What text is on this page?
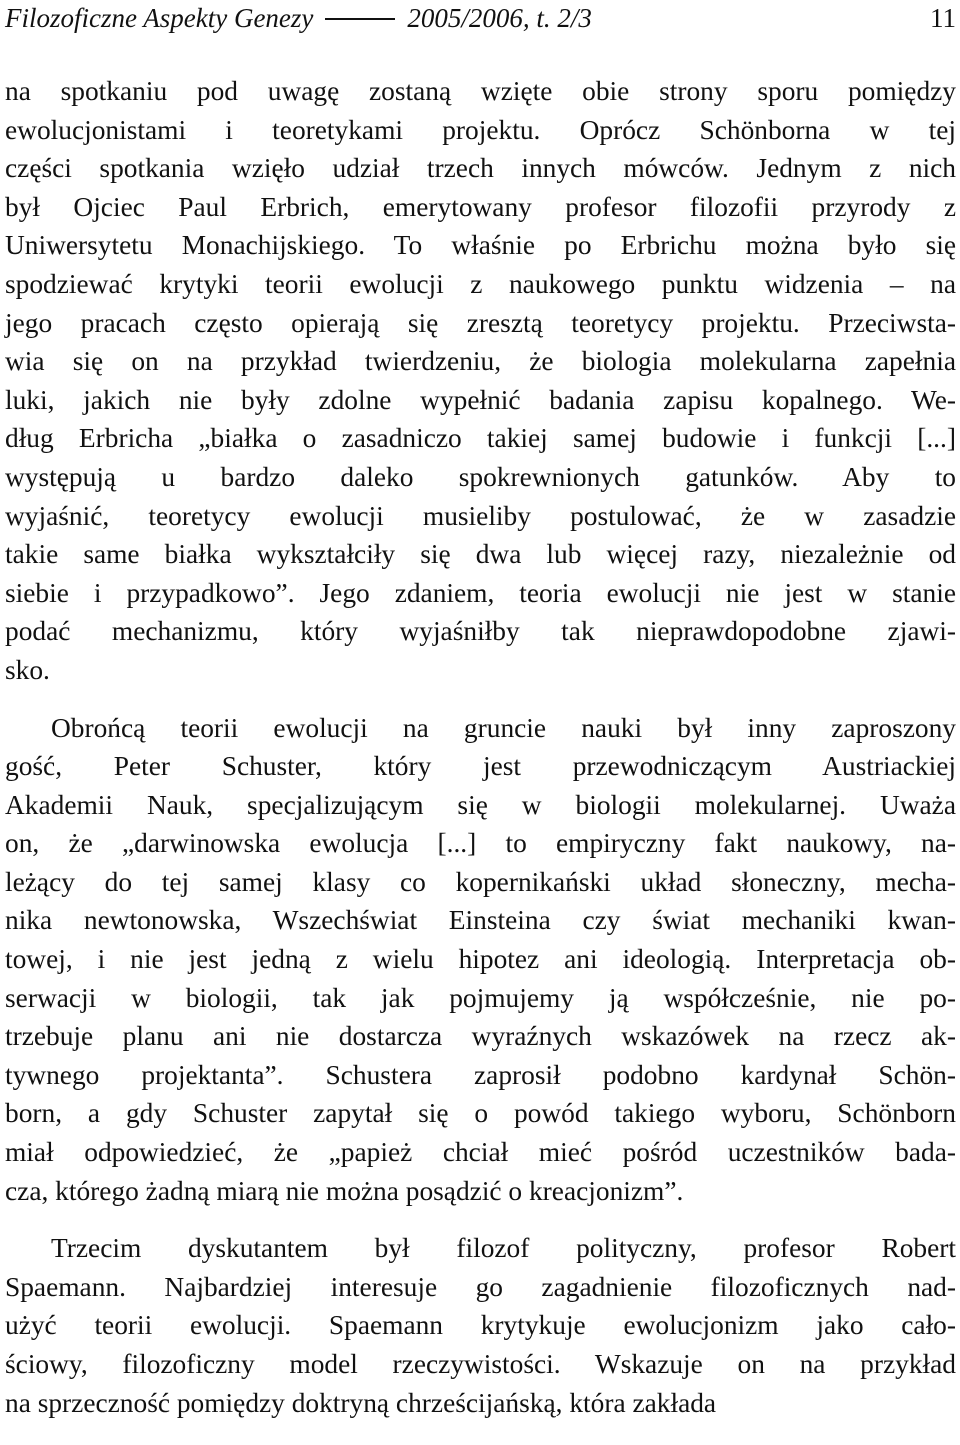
Filozoficzne Aspekty Genezy	2005/2006, t. 2/3	11

na spotkaniu pod uwagę zostaną wzięte obie strony sporu pomiędzy
ewolucjonistami i teoretykami projektu. Oprócz Schönborna w tej
części spotkania wzięło udział trzech innych mówców. Jednym z nich
był Ojciec Paul Erbrich, emerytowany profesor filozofii przyrody z
Uniwersytetu Monachijskiego. To właśnie po Erbrichu można było się
spodziewać krytyki teorii ewolucji z naukowego punktu widzenia – na
jego pracach często opierają się zresztą teoretycy projektu. Przeciwsta-
wia się on na przykład twierdzeniu, że biologia molekularna zapełnia
luki, jakich nie były zdolne wypełnić badania zapisu kopalnego. We-
dług Erbricha „białka o zasadniczo takiej samej budowie i funkcji [...]
występują u bardzo daleko spokrewnionych gatunków. Aby to
wyjaśnić, teoretycy ewolucji musieliby postulować, że w zasadzie
takie same białka wykształciły się dwa lub więcej razy, niezależnie od
siebie i przypadkowo”. Jego zdaniem, teoria ewolucji nie jest w stanie
podać mechanizmu, który wyjaśniłby tak nieprawdopodobne zjawi-
sko.

Obrońcą teorii ewolucji na gruncie nauki był inny zaproszony
gość, Peter Schuster, który jest przewodniczącym Austriackiej
Akademii Nauk, specjalizującym się w biologii molekularnej. Uważa
on, że „darwinowska ewolucja [...] to empiryczny fakt naukowy, na-
leżący do tej samej klasy co kopernikański układ słoneczny, mecha-
nika newtonowska, Wszechświat Einsteina czy świat mechaniki kwan-
towej, i nie jest jedną z wielu hipotez ani ideologią. Interpretacja ob-
serwacji w biologii, tak jak pojmujemy ją współcześnie, nie po-
trzebuje planu ani nie dostarcza wyraźnych wskazówek na rzecz ak-
tywnego projektanta”. Schustera zaprosił podobno kardynał Schön-
born, a gdy Schuster zapytał się o powód takiego wyboru, Schönborn
miał odpowiedzieć, że „papież chciał mieć pośród uczestników bada-
cza, którego żadną miarą nie można posądzić o kreacjonizm”.

Trzecim dyskutantem był filozof polityczny, profesor Robert
Spaemann. Najbardziej interesuje go zagadnienie filozoficznych nad-
użyć teorii ewolucji. Spaemann krytykuje ewolucjonizm jako cało-
ściowy, filozoficzny model rzeczywistości. Wskazuje on na przykład
na sprzeczność pomiędzy doktryną chrześcijańską, która zakłada
